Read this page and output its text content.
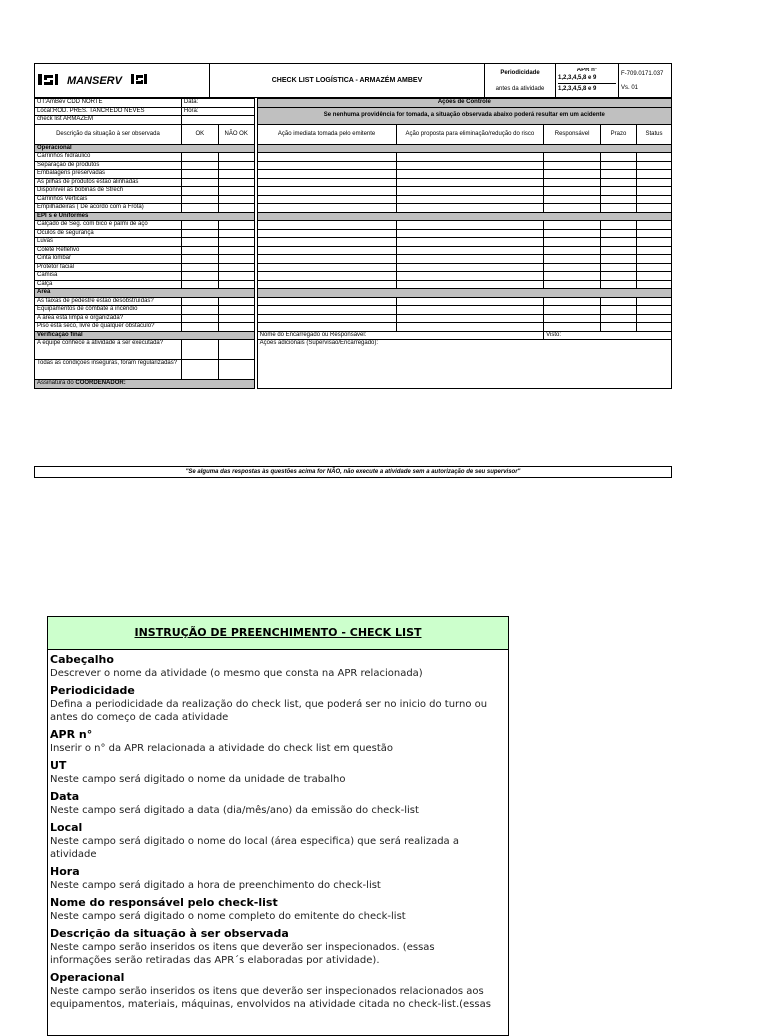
MANSERV	CHECK LIST LOGÍSTICA - ARMAZÉM AMBEV	
Periodicidade
antes da atividade

APR n°
1,2,3,4,5,8 e 9
1,2,3,4,5,8 e 9

F-709.0171.037
Vs. 01
UT:AmBev CDD NORTE	Data:			Ações de Controle				
Local:ROD. PRES. TANCREDO NEVES	Hora:			Se nenhuma providência for tomada, a situação observada abaixo poderá resultar em um acidente				
check list ARMAZÉM								
Descrição da situação à ser observada	OK	NÃO OK		Ação imediata tomada pelo emitente	Ação proposta para eliminação/redução do risco	Responsável	Prazo	Status
Operacional								
Carrinhos hidráulico								
Separação de produtos								
Embalagens preservadas								
As pilhas de produtos estão alinhadas								
Disponível as bobinas de Strech								
Carrinhos Verticais								
Empilhadeiras ( De acordo com a Frota)								
EPI´s e Uniformes								
Calçado de Seg. com bico e palmi de aço								
Óculos de segurança								
Luvas								
Colete Reflefivo								
Cinta lombar								
Protetor facial								
Camisa								
Calça								
Área								
As faixas de pedestre estão desobstruídas?								
Equipamentos de cômbate a incêndio								
A área está limpa e organizada?								
Piso está seco, livre de qualquer obstaculo?								
Verificação final				Nome do Encarregado ou Responsável:		Visto:		
A equipe conhece a atividade a ser executada?				Ações adicionais (Supervisão/Encarregado):				
Todas as condições inseguras, foram regularizadas?								
Assinatura do COORDENADOR:								
"Se alguma das respostas às questões acima for NÃO, não execute a atividade sem a autorização de seu supervisor"
INSTRUÇÃO DE PREENCHIMENTO - CHECK LIST
Cabeçalho
Descrever o nome da atividade (o mesmo que consta na APR relacionada)
Periodicidade
Defina a periodicidade da realização do check list, que poderá ser no inicio do turno ou
antes do começo de cada atividade
APR n°
Inserir o n° da APR relacionada a atividade do check list em questão
UT
Neste campo será digitado o nome da unidade de trabalho
Data
Neste campo será digitado a data (dia/mês/ano) da emissão do check-list
Local
Neste campo será digitado o nome do local (área especifica) que será realizada a atividade
Hora
Neste campo será digitado a hora de preenchimento do check-list
Nome do responsável pelo check-list
Neste campo será digitado o nome completo do emitente do check-list
Descrição da situação à ser observada
Neste campo serão inseridos os itens que deverão ser inspecionados. (essas
informações serão retiradas das APR´s elaboradas por atividade).
Operacional
Neste campo serão inseridos os itens que deverão ser inspecionados relacionados aos
equipamentos, materiais, máquinas, envolvidos na atividade citada no check-list.(essas
